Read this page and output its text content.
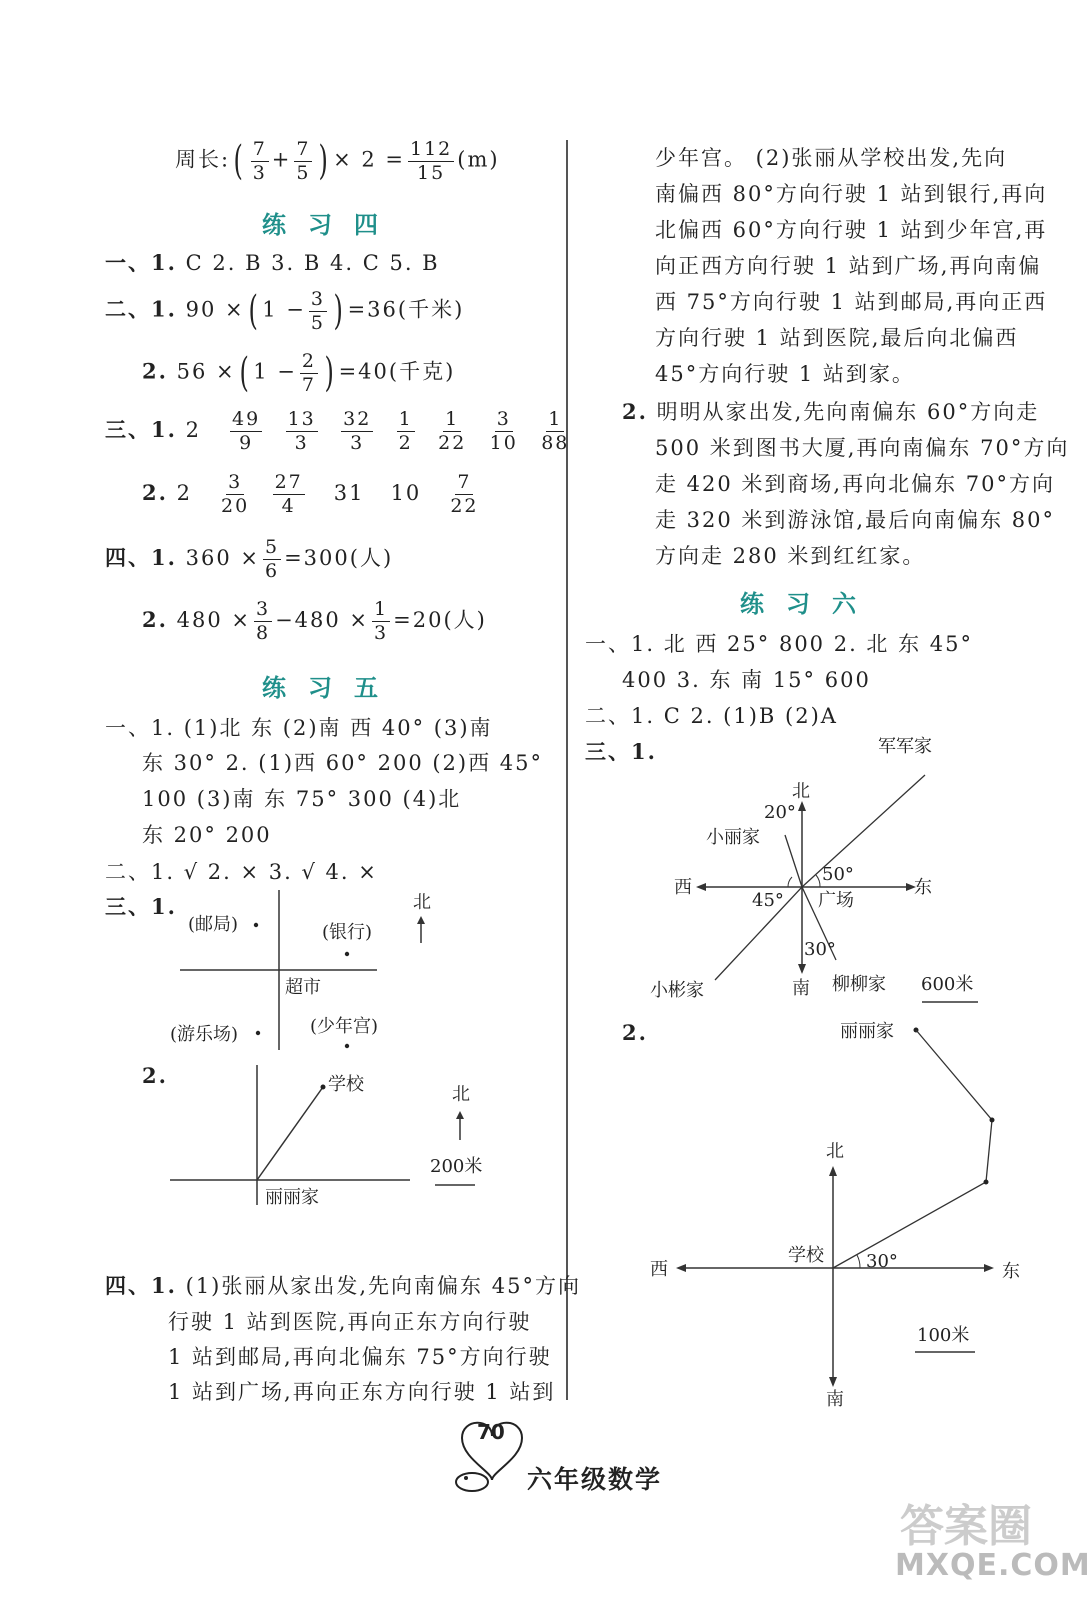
周长:( $\frac{7}{3} + \frac{7}{5}$ ) × $2 = \frac{112}{15} (m)$
练习四
一、1. C 2. B 3. B 4. C 5. B
二、1. 90 ×( $1 - \frac{3}{5}$ ) =36(千米)
2. 56 ×( $1 - \frac{2}{7}$ ) =40(千克)
三、1. $2 \frac{49}{9}$
$\frac{13}{3}$
$\frac{32}{3}$
$\frac{1}{2}$
$\frac{1}{22}$
$\frac{3}{10}$
$\frac{1}{88}$
2. $2 \frac{3}{20}$
$\frac{27}{4} 31$ $10 \frac{7}{22}$
四、1. $360 \times \frac{5}{6} =300$(人)
2. $480 \times \frac{3}{8} -480 \times \frac{1}{3} =20$(人)
练习五
一、1. (1)北 东 (2)南 西 40° (3)南
东 30° 2. (1)西 60° 200 (2)西 45°
100 (3)南 东 75° 300 (4)北
东 20° 200
二、1. √ 2. × 3. √ 4. ×
三、1.
(邮局)	(银行)
超市
(游乐场)	(少年宫)
北
2.	学校
丽丽家
北
200米
四、1. (1)张丽从家出发,先向南偏东 45°方向
行驶 1 站到医院,再向正东方向行驶
1 站到邮局,再向北偏东 75°方向行驶
1 站到广场,再向正东方向行驶 1 站到
少年宫。 (2)张丽从学校出发,先向
南偏西 80°方向行驶 1 站到银行,再向
北偏西 60°方向行驶 1 站到少年宫,再
向正西方向行驶 1 站到广场,再向南偏
西 75°方向行驶 1 站到邮局,再向正西
方向行驶 1 站到医院,最后向北偏西
45°方向行驶 1 站到家。
2. 明明从家出发,先向南偏东 60°方向走
500 米到图书大厦,再向南偏东 70°方向
走 420 米到商场,再向北偏东 70°方向
走 320 米到游泳馆,最后向南偏东 80°
方向走 280 米到红红家。
练习六
一、1. 北 西 25° 800 2. 北 东 45°
400 3. 东 南 15° 600
二、1. C 2. (1)B (2)A
三、1.	军军家
北
20°
小丽家
50°
西	东
45° 广场
30°
小彬家	南 柳柳家 600米
2.	丽丽家
北
学校 30°
西	东
100米
南
70
六年级数学
答案圈
MXQE.COM
